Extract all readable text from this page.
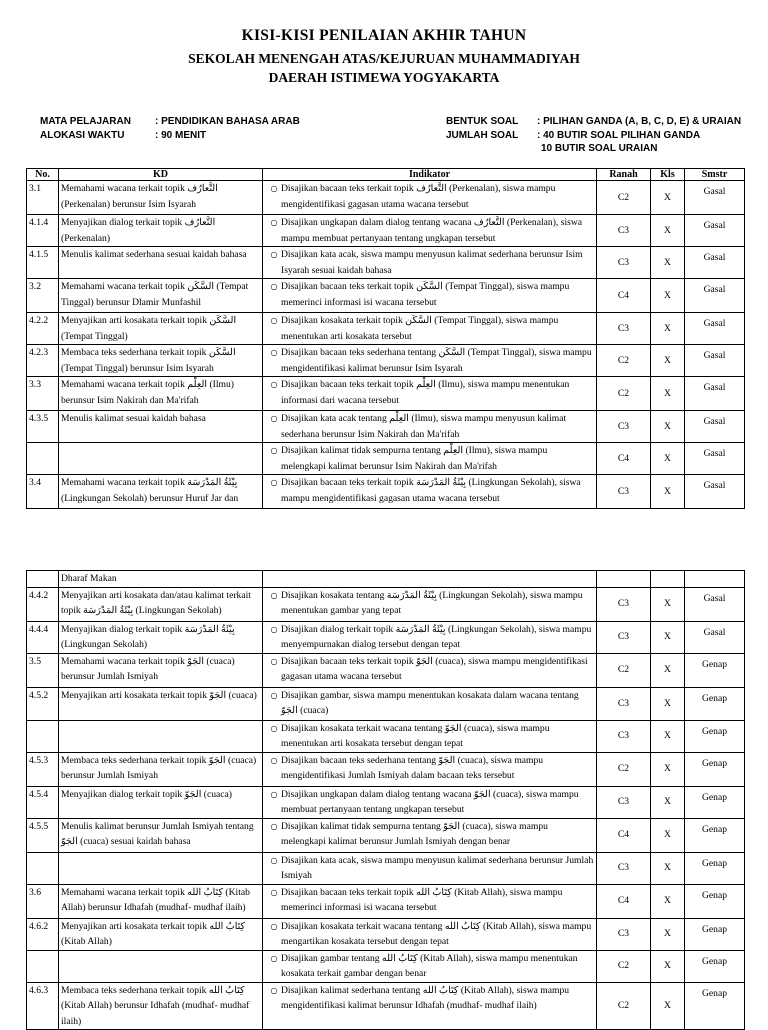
KISI-KISI PENILAIAN AKHIR TAHUN
SEKOLAH MENENGAH ATAS/KEJURUAN MUHAMMADIYAH
DAERAH ISTIMEWA YOGYAKARTA
MATA PELAJARAN : PENDIDIKAN BAHASA ARAB
ALOKASI WAKTU	: 90 MENIT
BENTUK SOAL : PILIHAN GANDA (A, B, C, D, E) & URAIAN
JUMLAH SOAL : 40 BUTIR SOAL PILIHAN GANDA
10 BUTIR SOAL URAIAN
No.	KD	Indikator	Ranah	Kls	Smstr
3.1	Memahami wacana terkait topik التَّعارُف (Perkenalan) berunsur Isim Isyarah	○ Disajikan bacaan teks terkait topik التَّعارُف (Perkenalan), siswa mampu mengidentifikasi gagasan utama wacana tersebut	C2	X	Gasal
4.1.4	Menyajikan dialog terkait topik التَّعارُف (Perkenalan)	○ Disajikan ungkapan dalam dialog tentang wacana التَّعارُف (Perkenalan), siswa mampu membuat pertanyaan tentang ungkapan tersebut	C3	X	Gasal
4.1.5	Menulis kalimat sederhana sesuai kaidah bahasa	○ Disajikan kata acak, siswa mampu menyusun kalimat sederhana berunsur Isim Isyarah sesuai kaidah bahasa	C3	X	Gasal
3.2	Memahami wacana terkait topik السَّكَن (Tempat Tinggal) berunsur Dlamir Munfashil	○ Disajikan bacaan teks terkait topik السَّكَن (Tempat Tinggal), siswa mampu memerinci informasi isi wacana tersebut	C4	X	Gasal
4.2.2	Menyajikan arti kosakata terkait topik السَّكَن (Tempat Tinggal)	○ Disajikan kosakata terkait topik السَّكَن (Tempat Tinggal), siswa mampu menentukan arti kosakata tersebut	C3	X	Gasal
4.2.3	Membaca teks sederhana terkait topik السَّكَن (Tempat Tinggal) berunsur Isim Isyarah	○ Disajikan bacaan teks sederhana tentang السَّكَن (Tempat Tinggal), siswa mampu mengidentifikasi kalimat berunsur Isim Isyarah	C2	X	Gasal
3.3	Memahami wacana terkait topik العِلْم (Ilmu) berunsur Isim Nakirah dan Ma'rifah	○ Disajikan bacaan teks terkait topik العِلْم (Ilmu), siswa mampu menentukan informasi dari wacana tersebut	C2	X	Gasal
4.3.5	Menulis kalimat sesuai kaidah bahasa	○ Disajikan kata acak tentang العِلْم (Ilmu), siswa mampu menyusun kalimat sederhana berunsur Isim Nakirah dan Ma'rifah	C3	X	Gasal

		○ Disajikan kalimat tidak sempurna tentang العِلْم (Ilmu), siswa mampu melengkapi kalimat berunsur Isim Nakirah dan Ma'rifah	C4	X	Gasal
3.4	Memahami wacana terkait topik بِيْئَةُ المَدْرَسَة (Lingkungan Sekolah) berunsur Huruf Jar dan	○ Disajikan bacaan teks terkait topik بِيْئَةُ المَدْرَسَة (Lingkungan Sekolah), siswa mampu mengidentifikasi gagasan utama wacana tersebut	C3	X	Gasal
	Dharaf Makan				
4.4.2	Menyajikan arti kosakata dan/atau kalimat terkait topik بِيْئَةُ المَدْرَسَة (Lingkungan Sekolah)	○ Disajikan kosakata tentang بِيْئَةُ المَدْرَسَة (Lingkungan Sekolah), siswa mampu menentukan gambar yang tepat	C3	X	Gasal
4.4.4	Menyajikan dialog terkait topik بِيْئَةُ المَدْرَسَة (Lingkungan Sekolah)	○ Disajikan dialog terkait topik بِيْئَةُ المَدْرَسَة (Lingkungan Sekolah), siswa mampu menyempurnakan dialog tersebut dengan tepat	C3	X	Gasal
3.5	Memahami wacana terkait topik الجَوّ (cuaca) berunsur Jumlah Ismiyah	○ Disajikan bacaan teks terkait topik الجَوّ (cuaca), siswa mampu mengidentifikasi gagasan utama wacana tersebut	C2	X	Genap
4.5.2	Menyajikan arti kosakata terkait topik الجَوّ (cuaca)	○ Disajikan gambar, siswa mampu menentukan kosakata dalam wacana tentang الجَوّ (cuaca)	C3	X	Genap

		○ Disajikan kosakata terkait wacana tentang الجَوّ (cuaca), siswa mampu menentukan arti kosakata tersebut dengan tepat	C3	X	Genap
4.5.3	Membaca teks sederhana terkait topik الجَوّ (cuaca) berunsur Jumlah Ismiyah	○ Disajikan bacaan teks sederhana tentang الجَوّ (cuaca), siswa mampu mengidentifikasi Jumlah Ismiyah dalam bacaan teks tersebut	C2	X	Genap
4.5.4	Menyajikan dialog terkait topik الجَوّ (cuaca)	○ Disajikan ungkapan dalam dialog tentang wacana الجَوّ (cuaca), siswa mampu membuat pertanyaan tentang ungkapan tersebut	C3	X	Genap
4.5.5	Menulis kalimat berunsur Jumlah Ismiyah tentang الجَوّ (cuaca) sesuai kaidah bahasa	○ Disajikan kalimat tidak sempurna tentang الجَوّ (cuaca), siswa mampu melengkapi kalimat berunsur Jumlah Ismiyah dengan benar	C4	X	Genap

		○ Disajikan kata acak, siswa mampu menyusun kalimat sederhana berunsur Jumlah Ismiyah	C3	X	Genap
3.6	Memahami wacana terkait topik كِتَابُ الله (Kitab Allah) berunsur Idhafah (mudhaf- mudhaf ilaih)	○ Disajikan bacaan teks terkait topik كِتَابُ الله (Kitab Allah), siswa mampu memerinci informasi isi wacana tersebut	C4	X	Genap
4.6.2	Menyajikan arti kosakata terkait topik كِتَابُ الله (Kitab Allah)	○ Disajikan kosakata terkait wacana tentang كِتَابُ الله (Kitab Allah), siswa mampu mengartikan kosakata tersebut dengan tepat	C3	X	Genap

		○ Disajikan gambar tentang كِتَابُ الله (Kitab Allah), siswa mampu menentukan kosakata terkait gambar dengan benar	C2	X	Genap
4.6.3	Membaca teks sederhana terkait topik كِتَابُ الله (Kitab Allah) berunsur Idhafah (mudhaf- mudhaf ilaih)	○ Disajikan kalimat sederhana tentang كِتَابُ الله (Kitab Allah), siswa mampu mengidentifikasi kalimat berunsur Idhafah (mudhaf- mudhaf ilaih)	C2	X	Genap
